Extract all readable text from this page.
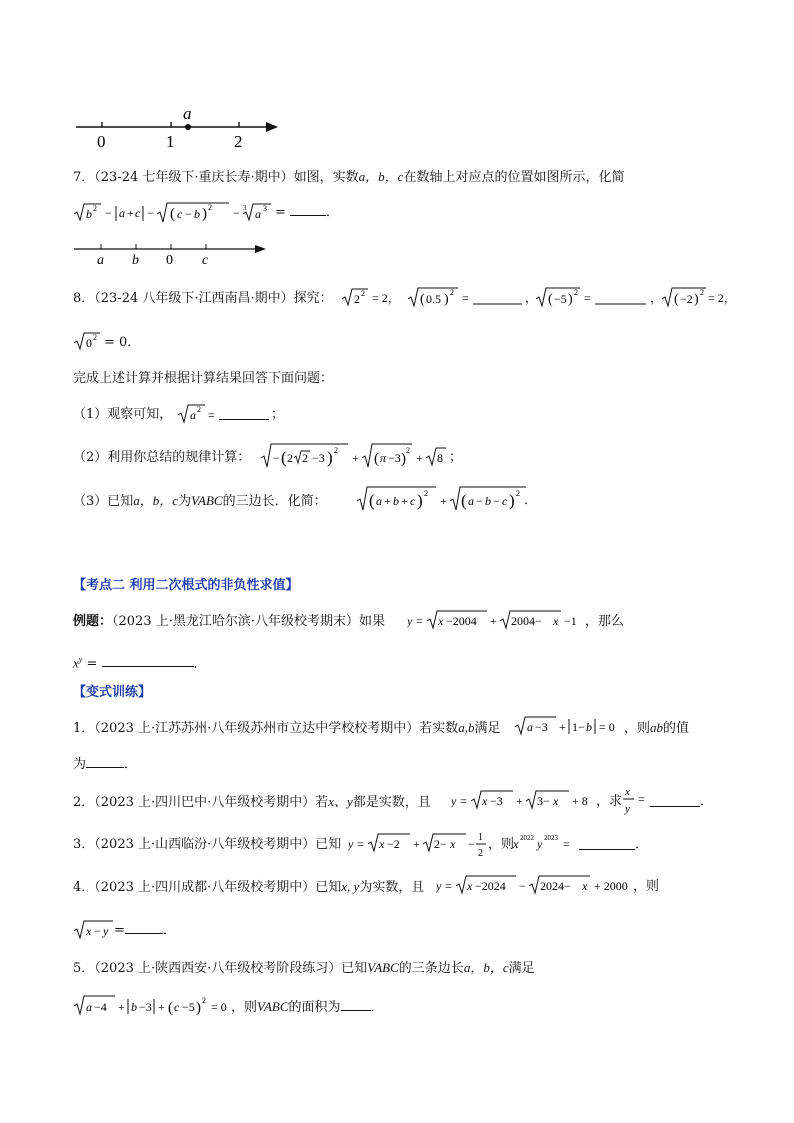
a
0	1	2
7．（23-24 七年级下·重庆长寿·期中）如图，实数a，b，c在数轴上对应点的位置如图所示，化简
b 2 − a + c − ( c − b ) 2 − 3 a 3 =	．
a b 0 c
8．（23-24 八年级下·江西南昌·期中）探究： 2 2 = 2， ( 0.5 ) 2 =	， ( −5 ) 2 =	， ( −2 ) 2 = 2，
0 2 = 0．
完成上述计算并根据计算结果回答下面问题：
（1）观察可知， a 2 =	；
（2）利用你总结的规律计算： − ( 2 2 −3 ) 2
+ ( π −3 )
2
+ 8 ；
（3）已知a，b，c为VABC的三边长．化简： ( a + b + c ) 2
+ ( a − b − c ) 2 ．
【考点二 利用二次根式的非负性求值】
例题：（2023 上·黑龙江哈尔滨·八年级校考期末）如果 y = x −2004 + 2004− x −1 ，那么
$x^y$ =	．
【变式训练】
1．（2023 上·江苏苏州·八年级苏州市立达中学校校考期中）若实数a,b满足 a −3 + 1− b = 0 ，则ab的值
为	．
2．（2023 上·四川巴中·八年级校考期中）若x、y都是实数，且 y = x −3 + 3− x + 8 ，求
x
y
=	．
3．（2023 上·山西临汾·八年级校考期中）已知 y = x −2 + 2− x − 1
2
，则
x 2022 y 2023 =	．
4．（2023 上·四川成都·八年级校考期中）已知x, y为实数，且 y = x −2024 − 2024− x + 2000 ，则
x − y =	．
5．（2023 上·陕西西安·八年级校考阶段练习）已知VABC的三条边长a，b，c满足
a −4 + b −3 + ( c −5 ) 2 = 0 ，则VABC的面积为 ．
